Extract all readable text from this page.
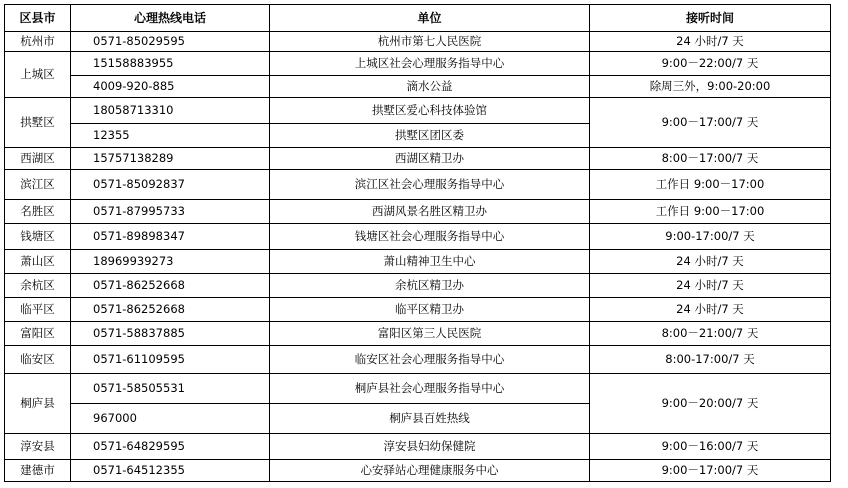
区县市	心理热线电话	单位	接听时间
杭州市	0571-85029595	杭州市第七人民医院	24 小时/7 天
上城区	15158883955	上城区社会心理服务指导中心	9:00－22:00/7 天
	4009-920-885	滴水公益	除周三外，9:00-20:00
拱墅区	18058713310	拱墅区爱心科技体验馆	9:00－17:00/7 天
	12355	拱墅区团区委	
西湖区	15757138289	西湖区精卫办	8:00－17:00/7 天
滨江区	0571-85092837	滨江区社会心理服务指导中心	工作日 9:00－17:00
名胜区	0571-87995733	西湖风景名胜区精卫办	工作日 9:00－17:00
钱塘区	0571-89898347	钱塘区社会心理服务指导中心	9:00-17:00/7 天
萧山区	18969939273	萧山精神卫生中心	24 小时/7 天
余杭区	0571-86252668	余杭区精卫办	24 小时/7 天
临平区	0571-86252668	临平区精卫办	24 小时/7 天
富阳区	0571-58837885	富阳区第三人民医院	8:00－21:00/7 天
临安区	0571-61109595	临安区社会心理服务指导中心	8:00-17:00/7 天
桐庐县	0571-58505531	桐庐县社会心理服务指导中心	9:00－20:00/7 天
	967000	桐庐县百姓热线	
淳安县	0571-64829595	淳安县妇幼保健院	9:00－16:00/7 天
建德市	0571-64512355	心安驿站心理健康服务中心	9:00－17:00/7 天
